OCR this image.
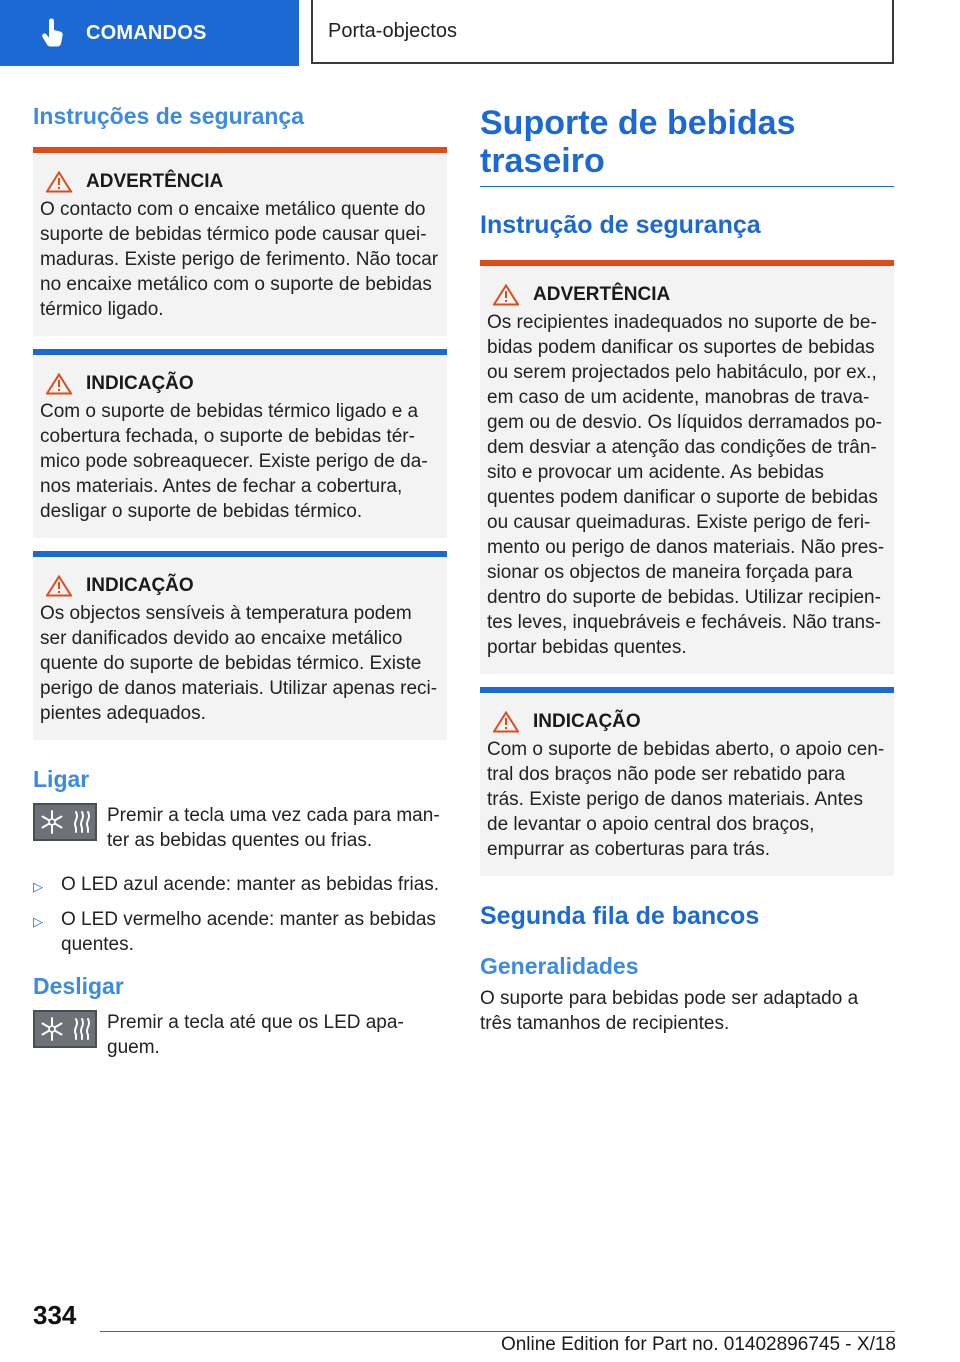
COMANDOS	Porta-objectos
Instruções de segurança
ADVERTÊNCIA
O contacto com o encaixe metálico quente do suporte de bebidas térmico pode causar queimaduras. Existe perigo de ferimento. Não tocar no encaixe metálico com o suporte de bebidas térmico ligado.
INDICAÇÃO
Com o suporte de bebidas térmico ligado e a cobertura fechada, o suporte de bebidas térmico pode sobreaquecer. Existe perigo de danos materiais. Antes de fechar a cobertura, desligar o suporte de bebidas térmico.
INDICAÇÃO
Os objectos sensíveis à temperatura podem ser danificados devido ao encaixe metálico quente do suporte de bebidas térmico. Existe perigo de danos materiais. Utilizar apenas recipientes adequados.
Ligar
Premir a tecla uma vez cada para manter as bebidas quentes ou frias.
▷ O LED azul acende: manter as bebidas frias.
▷ O LED vermelho acende: manter as bebidas quentes.
Desligar
Premir a tecla até que os LED apaguem.
Suporte de bebidas traseiro
Instrução de segurança
ADVERTÊNCIA
Os recipientes inadequados no suporte de bebidas podem danificar os suportes de bebidas ou serem projectados pelo habitáculo, por ex., em caso de um acidente, manobras de travagem ou de desvio. Os líquidos derramados podem desviar a atenção das condições de trânsito e provocar um acidente. As bebidas quentes podem danificar o suporte de bebidas ou causar queimaduras. Existe perigo de ferimento ou perigo de danos materiais. Não pressionar os objectos de maneira forçada para dentro do suporte de bebidas. Utilizar recipientes leves, inquebráveis e fecháveis. Não transportar bebidas quentes.
INDICAÇÃO
Com o suporte de bebidas aberto, o apoio central dos braços não pode ser rebatido para trás. Existe perigo de danos materiais. Antes de levantar o apoio central dos braços, empurrar as coberturas para trás.
Segunda fila de bancos
Generalidades
O suporte para bebidas pode ser adaptado a três tamanhos de recipientes.
334
Online Edition for Part no. 01402896745 - X/18
